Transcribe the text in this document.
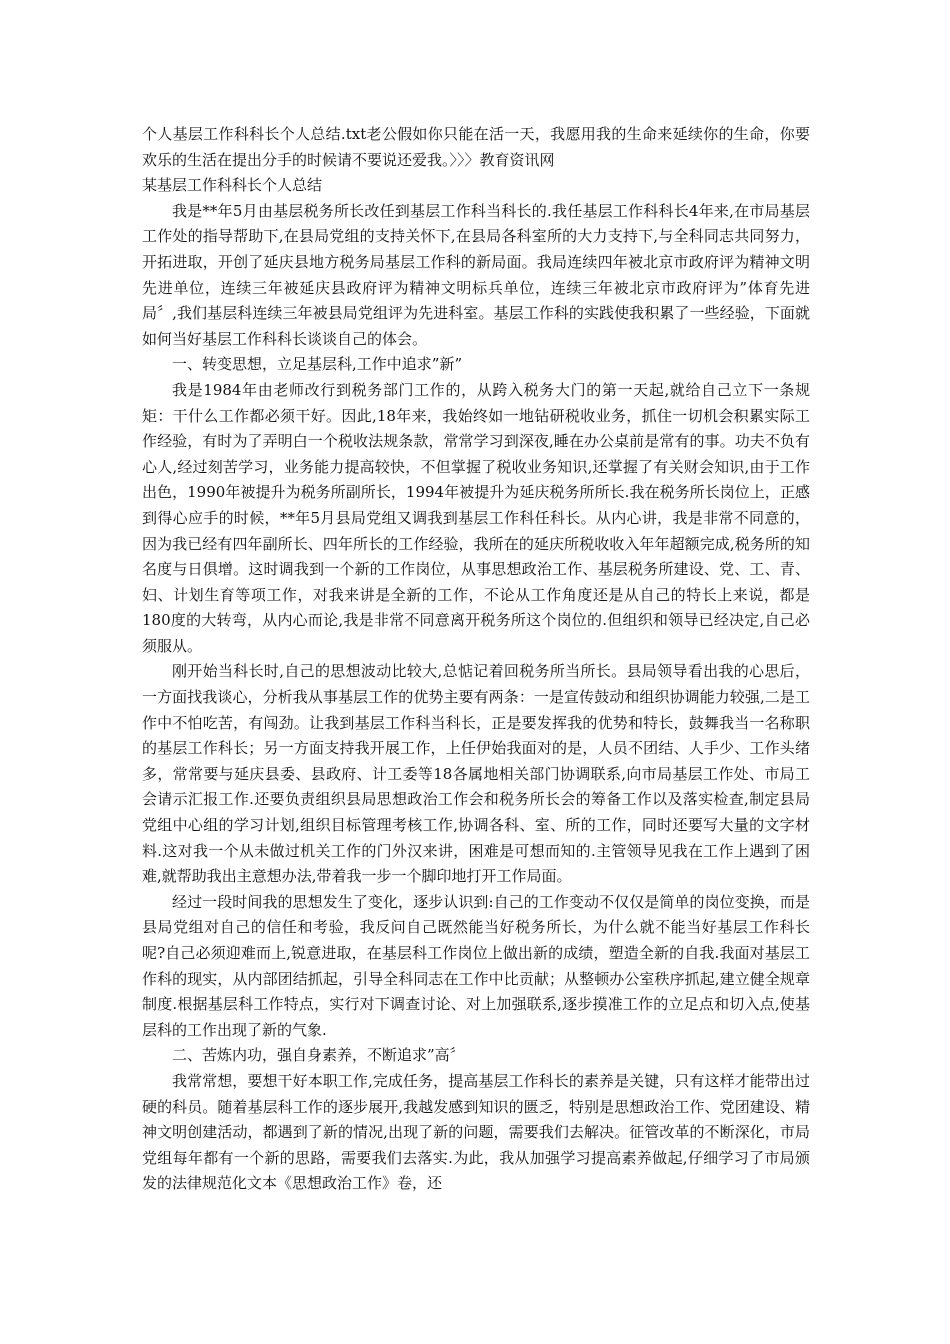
个人基层工作科科长个人总结.txt老公假如你只能在活一天，我愿用我的生命来延续你的生命，你要欢乐的生活在提出分手的时候请不要说还爱我。〉〉〉教育资讯网

某基层工作科科长个人总结

我是**年5月由基层税务所长改任到基层工作科当科长的.我任基层工作科科长4年来,在市局基层工作处的指导帮助下,在县局党组的支持关怀下,在县局各科室所的大力支持下,与全科同志共同努力，开拓进取，开创了延庆县地方税务局基层工作科的新局面。我局连续四年被北京市政府评为精神文明先进单位，连续三年被延庆县政府评为精神文明标兵单位，连续三年被北京市政府评为”体育先进局〞,我们基层科连续三年被县局党组评为先进科室。基层工作科的实践使我积累了一些经验，下面就如何当好基层工作科科长谈谈自己的体会。

一、转变思想，立足基层科,工作中追求”新”

我是1984年由老师改行到税务部门工作的，从跨入税务大门的第一天起,就给自己立下一条规矩：干什么工作都必须干好。因此,18年来，我始终如一地钻研税收业务，抓住一切机会积累实际工作经验，有时为了弄明白一个税收法规条款，常常学习到深夜,睡在办公桌前是常有的事。功夫不负有心人,经过刻苦学习，业务能力提高较快，不但掌握了税收业务知识,还掌握了有关财会知识,由于工作出色，1990年被提升为税务所副所长，1994年被提升为延庆税务所所长.我在税务所长岗位上，正感到得心应手的时候，**年5月县局党组又调我到基层工作科任科长。从内心讲，我是非常不同意的，因为我已经有四年副所长、四年所长的工作经验，我所在的延庆所税收收入年年超额完成,税务所的知名度与日俱增。这时调我到一个新的工作岗位，从事思想政治工作、基层税务所建设、党、工、青、妇、计划生育等项工作，对我来讲是全新的工作，不论从工作角度还是从自己的特长上来说，都是180度的大转弯，从内心而论,我是非常不同意离开税务所这个岗位的.但组织和领导已经决定,自己必须服从。

刚开始当科长时,自己的思想波动比较大,总惦记着回税务所当所长。县局领导看出我的心思后，一方面找我谈心，分析我从事基层工作的优势主要有两条：一是宣传鼓动和组织协调能力较强,二是工作中不怕吃苦，有闯劲。让我到基层工作科当科长，正是要发挥我的优势和特长，鼓舞我当一名称职的基层工作科长；另一方面支持我开展工作，上任伊始我面对的是，人员不团结、人手少、工作头绪多，常常要与延庆县委、县政府、计工委等18各属地相关部门协调联系,向市局基层工作处、市局工会请示汇报工作.还要负责组织县局思想政治工作会和税务所长会的筹备工作以及落实检查,制定县局党组中心组的学习计划,组织目标管理考核工作,协调各科、室、所的工作，同时还要写大量的文字材料.这对我一个从未做过机关工作的门外汉来讲，困难是可想而知的.主管领导见我在工作上遇到了困难,就帮助我出主意想办法,带着我一步一个脚印地打开工作局面。

经过一段时间我的思想发生了变化，逐步认识到:自己的工作变动不仅仅是简单的岗位变换，而是县局党组对自己的信任和考验，我反问自己既然能当好税务所长，为什么就不能当好基层工作科长呢?自己必须迎难而上,锐意进取，在基层科工作岗位上做出新的成绩，塑造全新的自我.我面对基层工作科的现实，从内部团结抓起，引导全科同志在工作中比贡献；从整顿办公室秩序抓起,建立健全规章制度.根据基层科工作特点，实行对下调查讨论、对上加强联系,逐步摸准工作的立足点和切入点,使基层科的工作出现了新的气象.

二、苦炼内功，强自身素养，不断追求”高〞

我常常想，要想干好本职工作,完成任务，提高基层工作科长的素养是关键，只有这样才能带出过硬的科员。随着基层科工作的逐步展开,我越发感到知识的匮乏，特别是思想政治工作、党团建设、精神文明创建活动，都遇到了新的情况,出现了新的问题，需要我们去解决。征管改革的不断深化，市局党组每年都有一个新的思路，需要我们去落实.为此，我从加强学习提高素养做起,仔细学习了市局颁发的法律规范化文本《思想政治工作》卷，还
